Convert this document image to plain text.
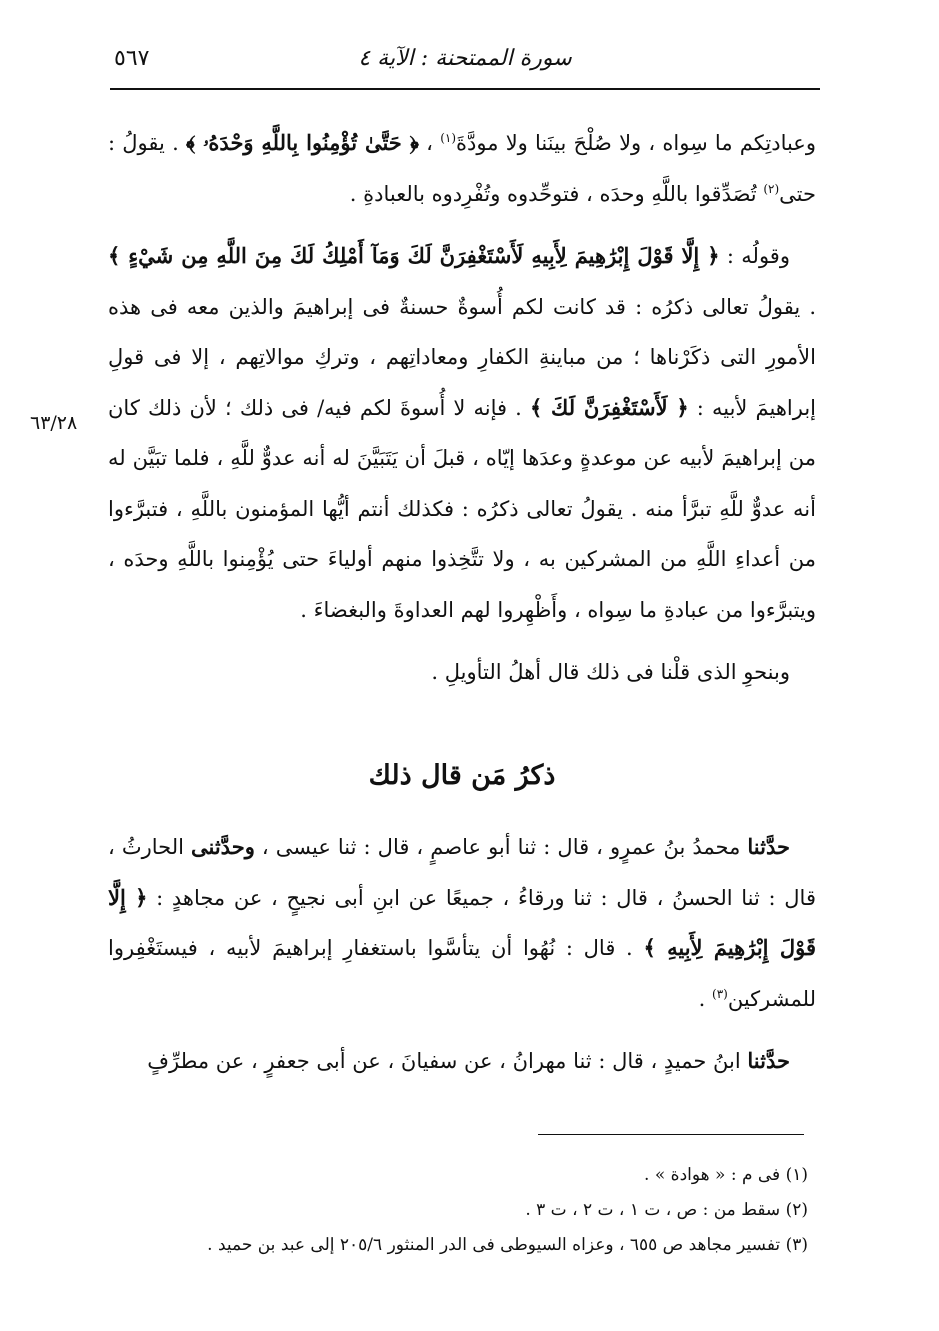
٥٦٧	سورة الممتحنة : الآية ٤
٦٣/٢٨

وعبادتِكم ما سِواه ، ولا صُلْحَ بينَنا ولا مودَّةَ$^{(١)}$ ، ﴿ حَتَّىٰ تُؤْمِنُوا بِاللَّهِ وَحْدَهُۥ ﴾ . يقولُ : حتى$^{(٢)}$ تُصَدِّقوا باللَّهِ وحدَه ، فتوحِّدوه وتُفْرِدوه بالعبادةِ .

وقولُه : ﴿ إِلَّا قَوْلَ إِبْرَٰهِيمَ لِأَبِيهِ لَأَسْتَغْفِرَنَّ لَكَ وَمَآ أَمْلِكُ لَكَ مِنَ اللَّهِ مِن شَيْءٍ ﴾ . يقولُ تعالى ذكرُه : قد كانت لكم أُسوةٌ حسنةٌ فى إبراهيمَ والذين معه فى هذه الأمورِ التى ذكَرْناها ؛ من مباينةِ الكفارِ ومعاداتِهم ، وتركِ موالاتِهم ، إلا فى قولِ إبراهيمَ لأبيه : ﴿ لَأَسْتَغْفِرَنَّ لَكَ ﴾ . فإنه لا أُسوةَ لكم فيه/ فى ذلك ؛ لأن ذلك كان من إبراهيمَ لأبيه عن موعدةٍ وعدَها إيّاه ، قبلَ أن يَتَبَيَّنَ له أنه عدوٌّ للَّهِ ، فلما تبَيَّن له أنه عدوٌّ للَّهِ تبرَّأ منه . يقولُ تعالى ذكرُه : فكذلك أنتم أيُّها المؤمنون باللَّهِ ، فتبرَّءوا من أعداءِ اللَّهِ من المشركين به ، ولا تتَّخِذوا منهم أولياءَ حتى يُؤْمِنوا باللَّهِ وحدَه ، ويتبرَّءوا من عبادةِ ما سِواه ، وأَظْهِروا لهم العداوةَ والبغضاءَ .

وبنحوِ الذى قلْنا فى ذلك قال أهلُ التأويلِ .

ذكرُ مَن قال ذلك

حدَّثنا محمدُ بنُ عمرٍو ، قال : ثنا أبو عاصمٍ ، قال : ثنا عيسى ، وحدَّثنى الحارثُ ، قال : ثنا الحسنُ ، قال : ثنا ورقاءُ ، جميعًا عن ابنِ أبى نجيحٍ ، عن مجاهدٍ : ﴿ إِلَّا قَوْلَ إِبْرَٰهِيمَ لِأَبِيهِ ﴾ . قال : نُهُوا أن يتأسَّوا باستغفارِ إبراهيمَ لأبيه ، فيستَغْفِروا للمشركين$^{(٣)}$ .

حدَّثنا ابنُ حميدٍ ، قال : ثنا مهرانُ ، عن سفيانَ ، عن أبى جعفرٍ ، عن مطرِّفٍ

(١) فى م : « هوادة » .

(٢) سقط من : ص ، ت ١ ، ت ٢ ، ت ٣ .

(٣) تفسير مجاهد ص ٦٥٥ ، وعزاه السيوطى فى الدر المنثور ٢٠٥/٦ إلى عبد بن حميد .
